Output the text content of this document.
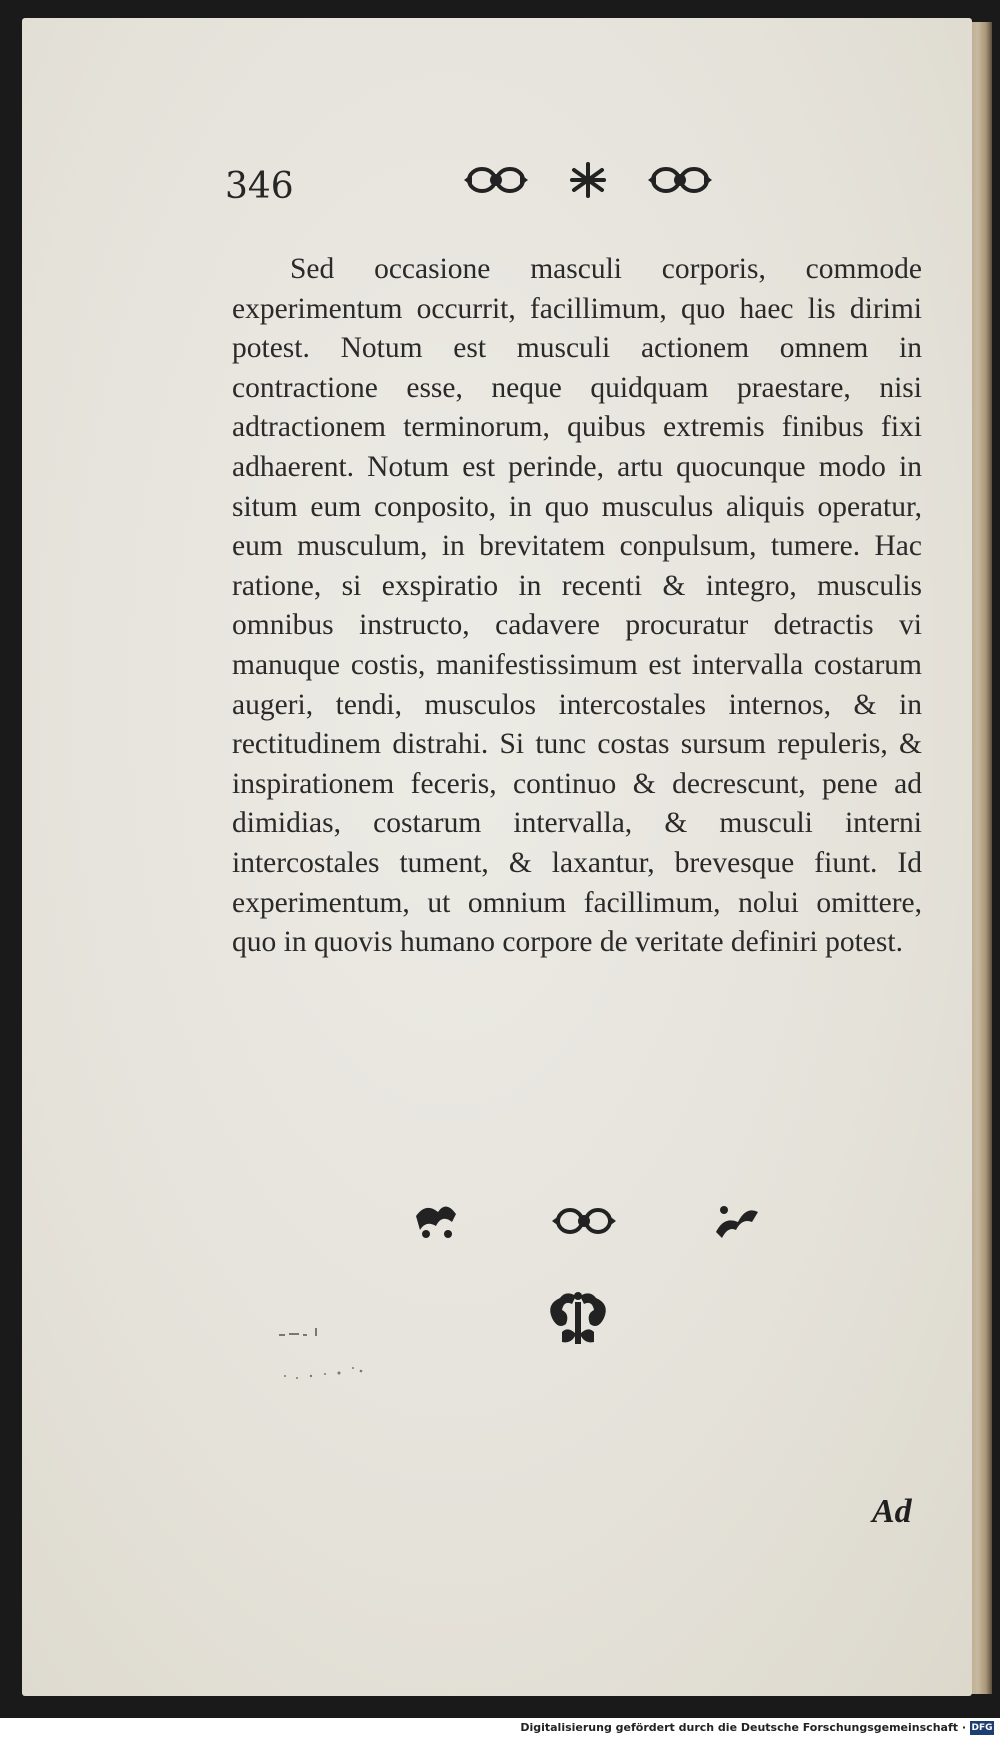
346

Sed occasione masculi corporis, commode experimentum occurrit, facillimum, quo haec lis dirimi potest. Notum est musculi actionem omnem in contractione esse, neque quidquam praestare, nisi adtractionem terminorum, quibus extremis finibus fixi adhaerent. Notum est perinde, artu quocunque modo in situm eum conposito, in quo musculus aliquis operatur, eum musculum, in brevitatem conpulsum, tumere. Hac ratione, si exspiratio in recenti & integro, musculis omnibus instructo, cadavere procuratur detractis vi manuque costis, manifestissimum est intervalla costarum augeri, tendi, musculos intercostales internos, & in rectitudinem distrahi. Si tunc costas sursum repuleris, & inspirationem feceris, continuo & decrescunt, pene ad dimidias, costarum intervalla, & musculi interni intercostales tument, & laxantur, brevesque fiunt. Id experimentum, ut omnium facillimum, nolui omittere, quo in quovis humano corpore de veritate definiri potest.

Ad
Digitalisierung gefördert durch die Deutsche Forschungsgemeinschaft · DFG
